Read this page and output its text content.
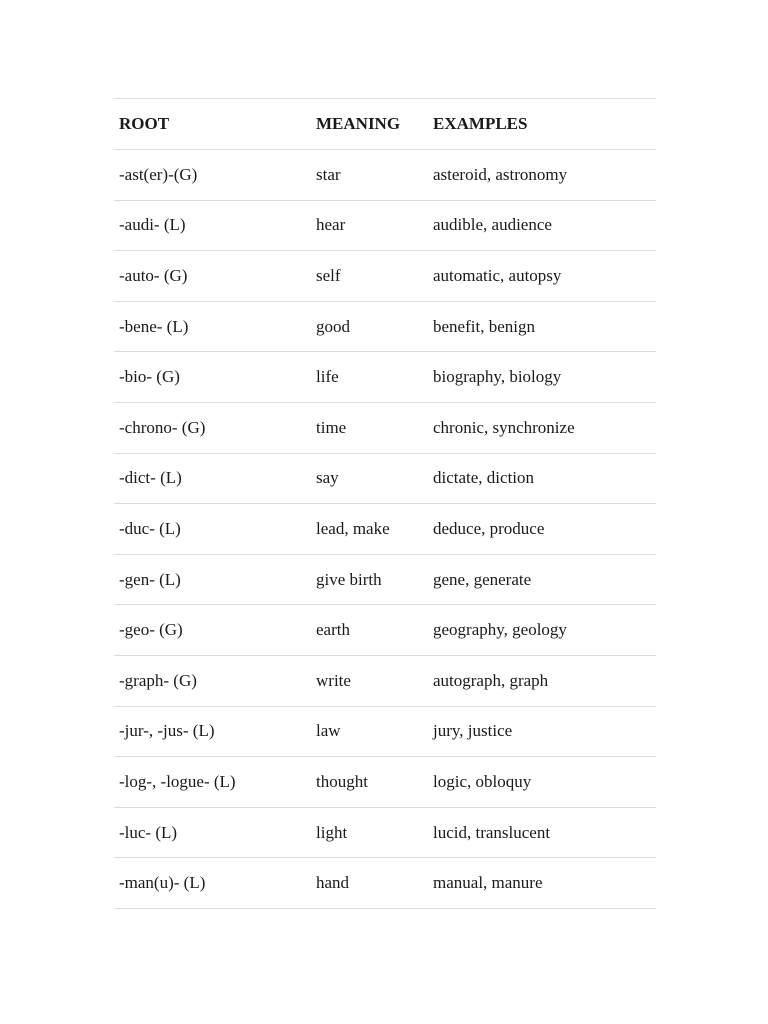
ROOT	MEANING	EXAMPLES
-ast(er)-(G)	star	asteroid, astronomy
-audi- (L)	hear	audible, audience
-auto- (G)	self	automatic, autopsy
-bene- (L)	good	benefit, benign
-bio- (G)	life	biography, biology
-chrono- (G)	time	chronic, synchronize
-dict- (L)	say	dictate, diction
-duc- (L)	lead, make	deduce, produce
-gen- (L)	give birth	gene, generate
-geo- (G)	earth	geography, geology
-graph- (G)	write	autograph, graph
-jur-, -jus- (L)	law	jury, justice
-log-, -logue- (L)	thought	logic, obloquy
-luc- (L)	light	lucid, translucent
-man(u)- (L)	hand	manual, manure
